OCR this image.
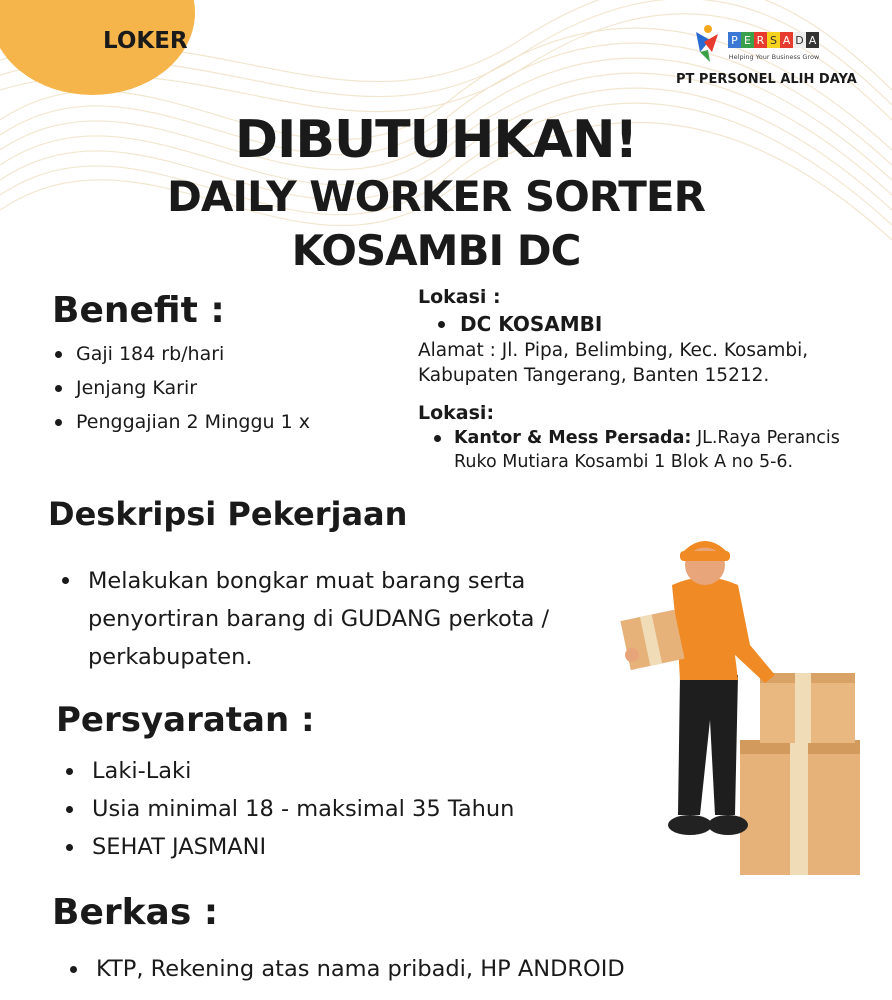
LOKER	P E R S A D A
Helping Your Business Grow
PT PERSONEL ALIH DAYA
DIBUTUHKAN!
DAILY WORKER SORTER
KOSAMBI DC
Benefit :
Gaji 184 rb/hari
Jenjang Karir
Penggajian 2 Minggu 1 x
Lokasi :
DC KOSAMBI
Alamat : Jl. Pipa, Belimbing, Kec. Kosambi,
Kabupaten Tangerang, Banten 15212.
Lokasi:
Kantor & Mess Persada: JL.Raya Perancis
Ruko Mutiara Kosambi 1 Blok A no 5-6.
Deskripsi Pekerjaan
Melakukan bongkar muat barang serta penyortiran barang di GUDANG perkota / perkabupaten.
Persyaratan :
Laki-Laki
Usia minimal 18 - maksimal 35 Tahun
SEHAT JASMANI
Berkas :
KTP, Rekening atas nama pribadi, HP ANDROID
